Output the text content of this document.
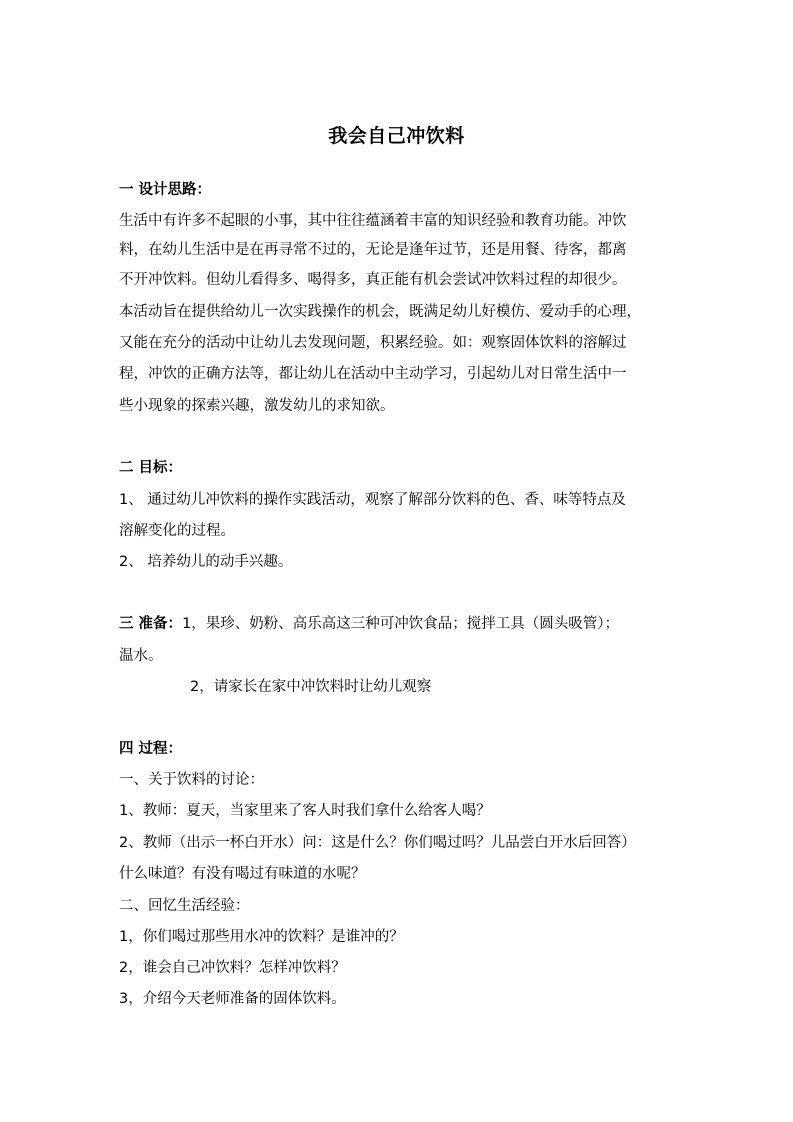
我会自己冲饮料
一 设计思路：
生活中有许多不起眼的小事，其中往往蕴涵着丰富的知识经验和教育功能。冲饮
料，在幼儿生活中是在再寻常不过的，无论是逢年过节，还是用餐、待客，都离
不开冲饮料。但幼儿看得多、喝得多，真正能有机会尝试冲饮料过程的却很少。
本活动旨在提供给幼儿一次实践操作的机会，既满足幼儿好模仿、爱动手的心理，
又能在充分的活动中让幼儿去发现问题，积累经验。如：观察固体饮料的溶解过
程，冲饮的正确方法等，都让幼儿在活动中主动学习，引起幼儿对日常生活中一
些小现象的探索兴趣，激发幼儿的求知欲。
二 目标：
1、 通过幼儿冲饮料的操作实践活动，观察了解部分饮料的色、香、味等特点及
溶解变化的过程。
2、 培养幼儿的动手兴趣。
三 准备：1，果珍、奶粉、高乐高这三种可冲饮食品；搅拌工具（圆头吸管）；
温水。
2，请家长在家中冲饮料时让幼儿观察
四 过程：
一、关于饮料的讨论：
1、教师：夏天，当家里来了客人时我们拿什么给客人喝？
2、教师（出示一杯白开水）问：这是什么？你们喝过吗？儿品尝白开水后回答）
什么味道？有没有喝过有味道的水呢？
二、回忆生活经验：
1，你们喝过那些用水冲的饮料？是谁冲的？
2，谁会自己冲饮料？怎样冲饮料？
3，介绍今天老师准备的固体饮料。
